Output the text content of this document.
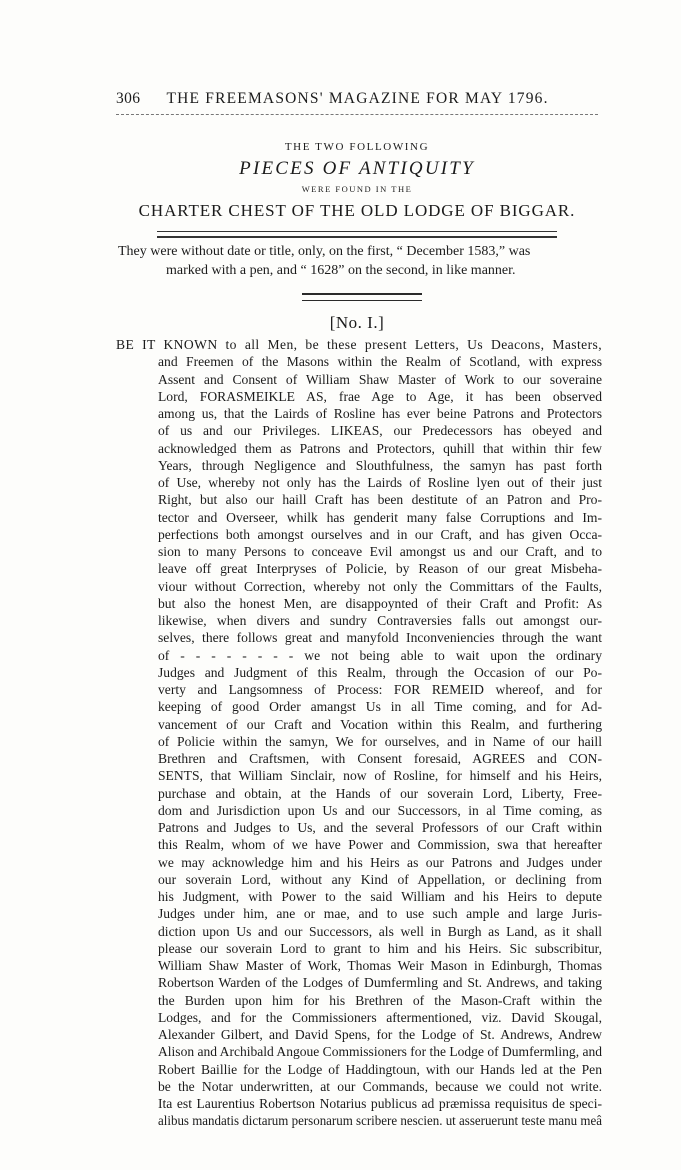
306 THE FREEMASONS' MAGAZINE FOR MAY 1796.
THE TWO FOLLOWING
PIECES OF ANTIQUITY
WERE FOUND IN THE
CHARTER CHEST OF THE OLD LODGE OF BIGGAR.
They were without date or title, only, on the first, “ December 1583,” was
marked with a pen, and “ 1628” on the second, in like manner.
[No. I.]
BE IT KNOWN to all Men, be these present Letters, Us Deacons, Masters,
and Freemen of the Masons within the Realm of Scotland, with express
Assent and Consent of William Shaw Master of Work to our soveraine
Lord, FORASMEIKLE AS, frae Age to Age, it has been observed
among us, that the Lairds of Rosline has ever beine Patrons and Protectors
of us and our Privileges. LIKEAS, our Predecessors has obeyed and
acknowledged them as Patrons and Protectors, quhill that within thir few
Years, through Negligence and Slouthfulness, the samyn has past forth
of Use, whereby not only has the Lairds of Rosline lyen out of their just
Right, but also our haill Craft has been destitute of an Patron and Pro-
tector and Overseer, whilk has genderit many false Corruptions and Im-
perfections both amongst ourselves and in our Craft, and has given Occa-
sion to many Persons to conceave Evil amongst us and our Craft, and to
leave off great Interpryses of Policie, by Reason of our great Misbeha-
viour without Correction, whereby not only the Committars of the Faults,
but also the honest Men, are disappoynted of their Craft and Profit: As
likewise, when divers and sundry Contraversies falls out amongst our-
selves, there follows great and manyfold Inconveniencies through the want
of - - - - - - - - we not being able to wait upon the ordinary
Judges and Judgment of this Realm, through the Occasion of our Po-
verty and Langsomness of Process: FOR REMEID whereof, and for
keeping of good Order amangst Us in all Time coming, and for Ad-
vancement of our Craft and Vocation within this Realm, and furthering
of Policie within the samyn, We for ourselves, and in Name of our haill
Brethren and Craftsmen, with Consent foresaid, AGREES and CON-
SENTS, that William Sinclair, now of Rosline, for himself and his Heirs,
purchase and obtain, at the Hands of our soverain Lord, Liberty, Free-
dom and Jurisdiction upon Us and our Successors, in al Time coming, as
Patrons and Judges to Us, and the several Professors of our Craft within
this Realm, whom of we have Power and Commission, swa that hereafter
we may acknowledge him and his Heirs as our Patrons and Judges under
our soverain Lord, without any Kind of Appellation, or declining from
his Judgment, with Power to the said William and his Heirs to depute
Judges under him, ane or mae, and to use such ample and large Juris-
diction upon Us and our Successors, als well in Burgh as Land, as it shall
please our soverain Lord to grant to him and his Heirs. Sic subscribitur,
William Shaw Master of Work, Thomas Weir Mason in Edinburgh, Thomas
Robertson Warden of the Lodges of Dumfermling and St. Andrews, and taking
the Burden upon him for his Brethren of the Mason-Craft within the
Lodges, and for the Commissioners aftermentioned, viz. David Skougal,
Alexander Gilbert, and David Spens, for the Lodge of St. Andrews, Andrew
Alison and Archibald Angoue Commissioners for the Lodge of Dumfermling, and
Robert Baillie for the Lodge of Haddingtoun, with our Hands led at the Pen
be the Notar underwritten, at our Commands, because we could not write.
Ita est Laurentius Robertson Notarius publicus ad præmissa requisitus de speci-
alibus mandatis dictarum personarum scribere nescien. ut asseruerunt teste manu meâ
